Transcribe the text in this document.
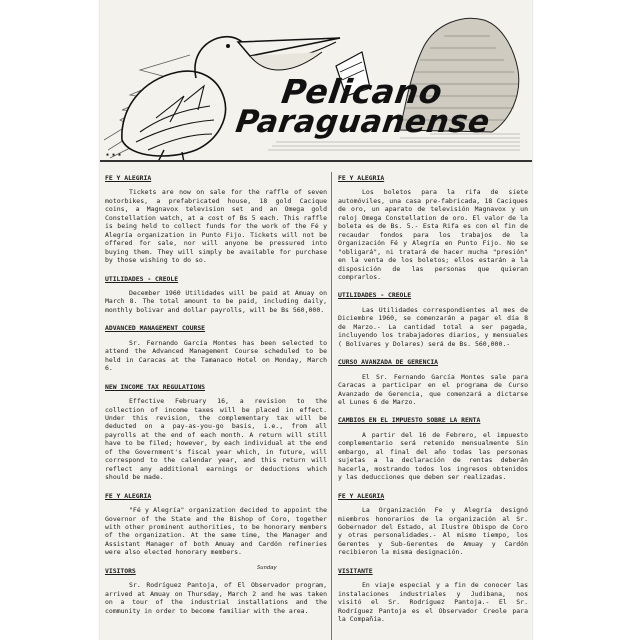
▪ ▪ ▪
Pelicano
Paraguanense
FE Y ALEGRIA

Tickets are now on sale for the raffle of seven motorbikes, a prefabricated house, 18 gold Cacique coins, a Magnavox television set and an Omega gold Constellation watch, at a cost of Bs 5 each. This raffle is being held to collect funds for the work of the Fé y Alegría organization in Punto Fijo. Tickets will not be offered for sale, nor will anyone be pressured into buying them. They will simply be available for purchase by those wishing to do so.

UTILIDADES - CREOLE

December 1960 Utilidades will be paid at Amuay on March 8. The total amount to be paid, including daily, monthly bolivar and dollar payrolls, will be Bs 560,000.

ADVANCED MANAGEMENT COURSE

Sr. Fernando García Montes has been selected to attend the Advanced Management Course scheduled to be held in Caracas at the Tamanaco Hotel on Monday, March 6.

NEW INCOME TAX REGULATIONS

Effective February 16, a revision to the collection of income taxes will be placed in effect. Under this revision, the complementary tax will be deducted on a pay-as-you-go basis, i.e., from all payrolls at the end of each month. A return will still have to be filed; however, by each individual at the end of the Government's fiscal year which, in future, will correspond to the calendar year, and this return will reflect any additional earnings or deductions which should be made.

FE Y ALEGRIA

"Fé y Alegría" organization decided to appoint the Governor of the State and the Bishop of Coro, together with other prominent authorities, to be honorary members of the organization. At the same time, the Manager and Assistant Manager of both Amuay and Cardón refineries were also elected honorary members.

VISITORS	Sunday

Sr. Rodríguez Pantoja, of El Observador program, arrived at Amuay on Thursday, March 2 and he was taken on a tour of the industrial installations and the community in order to become familiar with the area.

FE Y ALEGRIA

Los boletos para la rifa de siete automóviles, una casa pre-fabricada, 18 Caciques de oro, un aparato de televisión Magnavox y un reloj Omega Constellation de oro. El valor de la boleta es de Bs. 5.- Esta Rifa es con el fin de recaudar fondos para los trabajos de la Organización Fé y Alegría en Punto Fijo. No se "obligará", ni tratará de hacer mucha "presión" en la venta de los boletos; ellos estarán a la disposición de las personas que quieran comprarlos.

UTILIDADES - CREOLE

Las Utilidades correspondientes al mes de Diciembre 1960, se comenzarán a pagar el día 8 de Marzo.- La cantidad total a ser pagada, incluyendo los trabajadores diarios, y mensuales ( Bolívares y Dolares) será de Bs. 560,000.-

CURSO AVANZADA DE GERENCIA

El Sr. Fernando García Montes sale para Caracas a participar en el programa de Curso Avanzado de Gerencia, que comenzará a dictarse el Lunes 6 de Marzo.

CAMBIOS EN EL IMPUESTO SOBRE LA RENTA

A partir del 16 de Febrero, el impuesto complementario será retenido mensualmente Sin embargo, al final del año todas las personas sujetas a la declaración de rentas deberán hacerla, mostrando todos los ingresos obtenidos y las deducciones que deben ser realizadas.

FE Y ALEGRIA

La Organización Fe y Alegría designó miembros honorarios de la organización al Sr. Gobernador del Estado, al Ilustre Obispo de Coro y otras personalidades.- Al mismo tiempo, los Gerentes y Sub-Gerentes de Amuay y Cardón recibieron la misma designación.

VISITANTE

En viaje especial y a fin de conocer las instalaciones industriales y Judibana, nos visitó el Sr. Rodríguez Pantoja.- El Sr. Rodríguez Pantoja es el Observador Creole para la Compañía.
